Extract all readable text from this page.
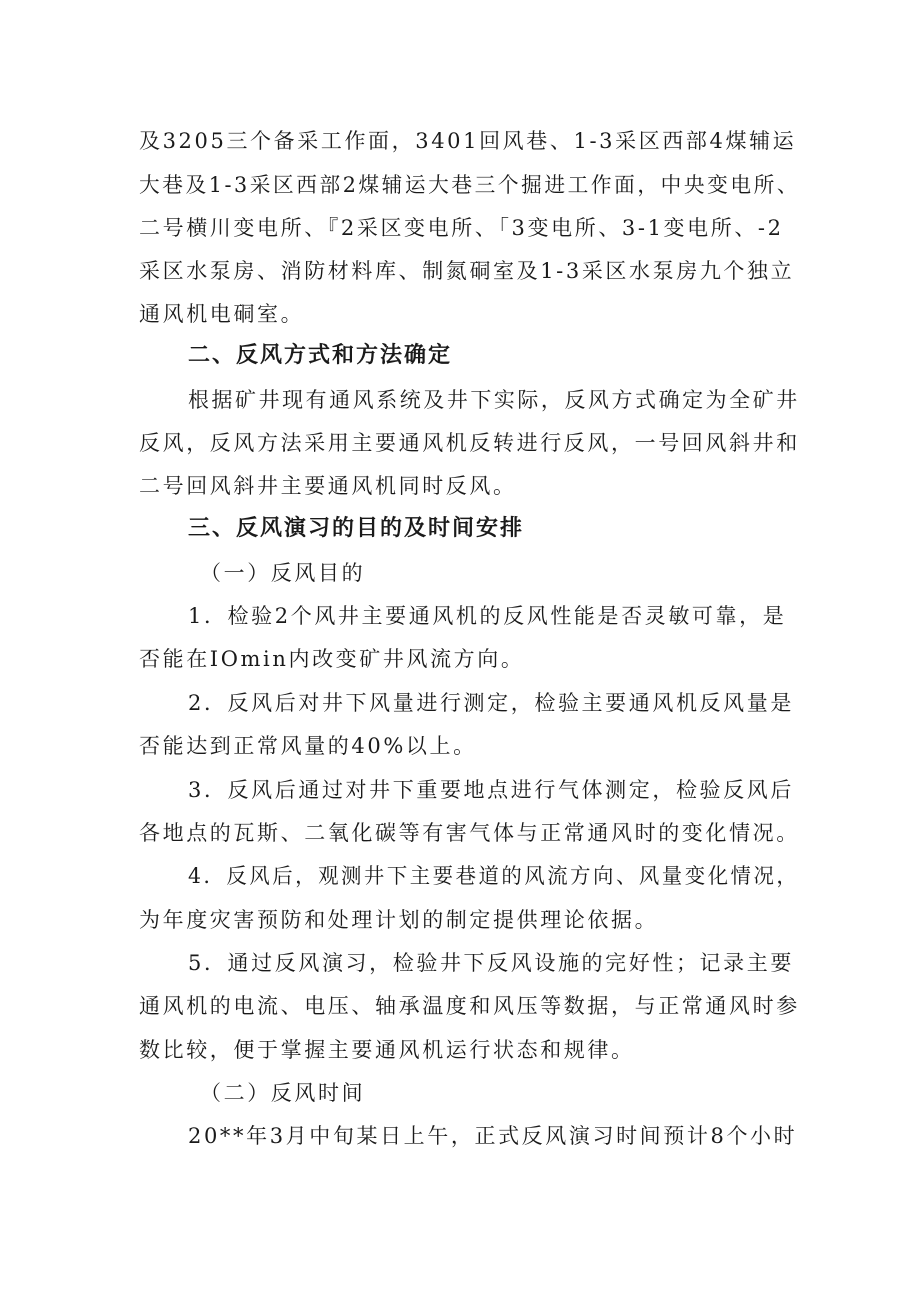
及3205三个备采工作面，3401回风巷、1-3采区西部4煤辅运
大巷及1-3采区西部2煤辅运大巷三个掘进工作面，中央变电所、
二号横川变电所、『2采区变电所、「3变电所、3-1变电所、-2
采区水泵房、消防材料库、制氮硐室及1-3采区水泵房九个独立
通风机电硐室。
二、反风方式和方法确定
根据矿井现有通风系统及井下实际，反风方式确定为全矿井
反风，反风方法采用主要通风机反转进行反风，一号回风斜井和
二号回风斜井主要通风机同时反风。
三、反风演习的目的及时间安排
（一）反风目的
1．检验2个风井主要通风机的反风性能是否灵敏可靠，是
否能在IOmin内改变矿井风流方向。
2．反风后对井下风量进行测定，检验主要通风机反风量是
否能达到正常风量的40%以上。
3．反风后通过对井下重要地点进行气体测定，检验反风后
各地点的瓦斯、二氧化碳等有害气体与正常通风时的变化情况。
4．反风后，观测井下主要巷道的风流方向、风量变化情况，
为年度灾害预防和处理计划的制定提供理论依据。
5．通过反风演习，检验井下反风设施的完好性；记录主要
通风机的电流、电压、轴承温度和风压等数据，与正常通风时参
数比较，便于掌握主要通风机运行状态和规律。
（二）反风时间
20**年3月中旬某日上午，正式反风演习时间预计8个小时
